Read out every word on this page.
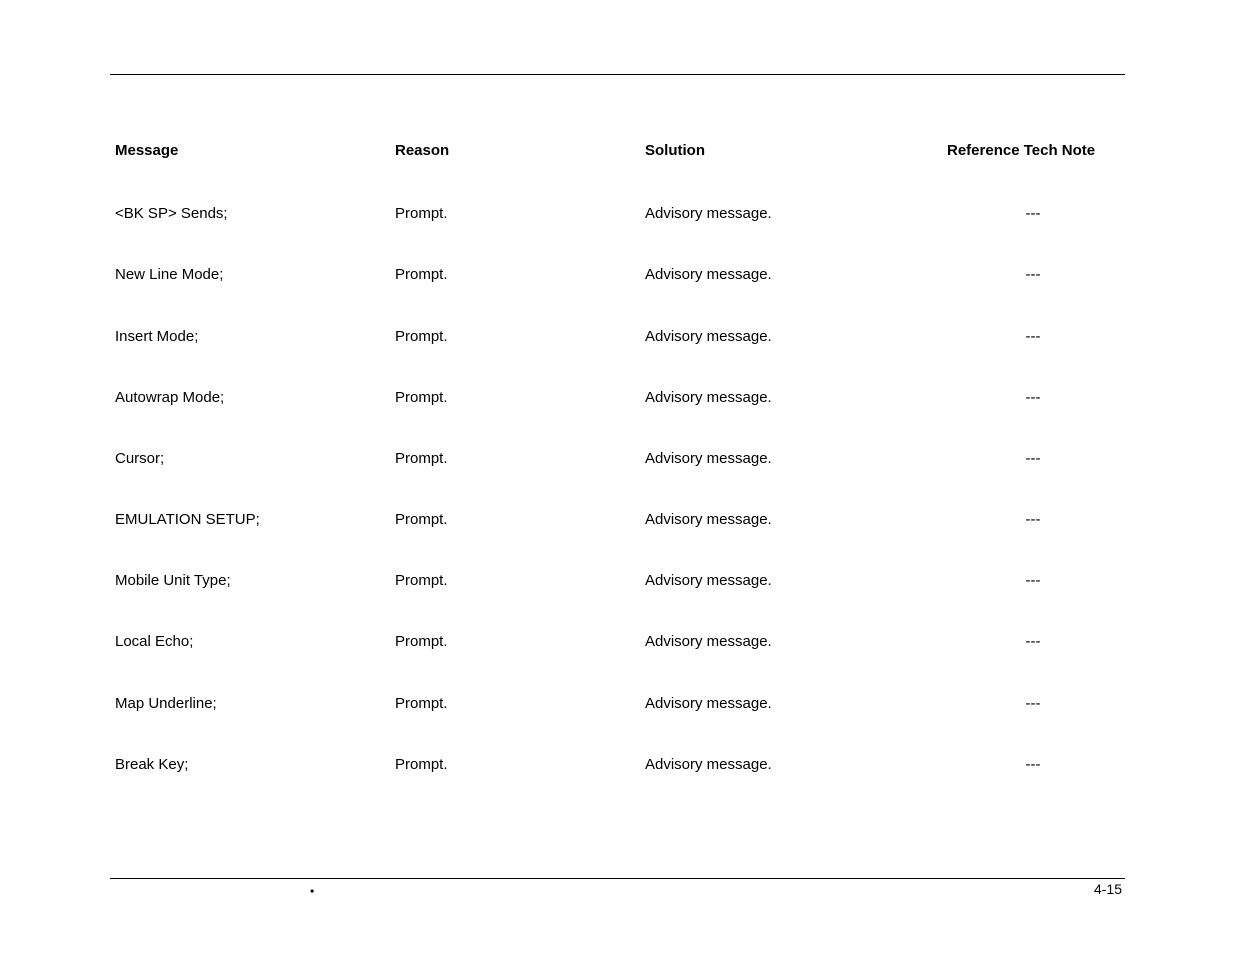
Message	Reason	Solution	Reference Tech Note
<BK SP> Sends;	Prompt.	Advisory message.	---
New Line Mode;	Prompt.	Advisory message.	---
Insert Mode;	Prompt.	Advisory message.	---
Autowrap Mode;	Prompt.	Advisory message.	---
Cursor;	Prompt.	Advisory message.	---
EMULATION SETUP;	Prompt.	Advisory message.	---
Mobile Unit Type;	Prompt.	Advisory message.	---
Local Echo;	Prompt.	Advisory message.	---
Map Underline;	Prompt.	Advisory message.	---
Break Key;	Prompt.	Advisory message.	---
•	4-15
